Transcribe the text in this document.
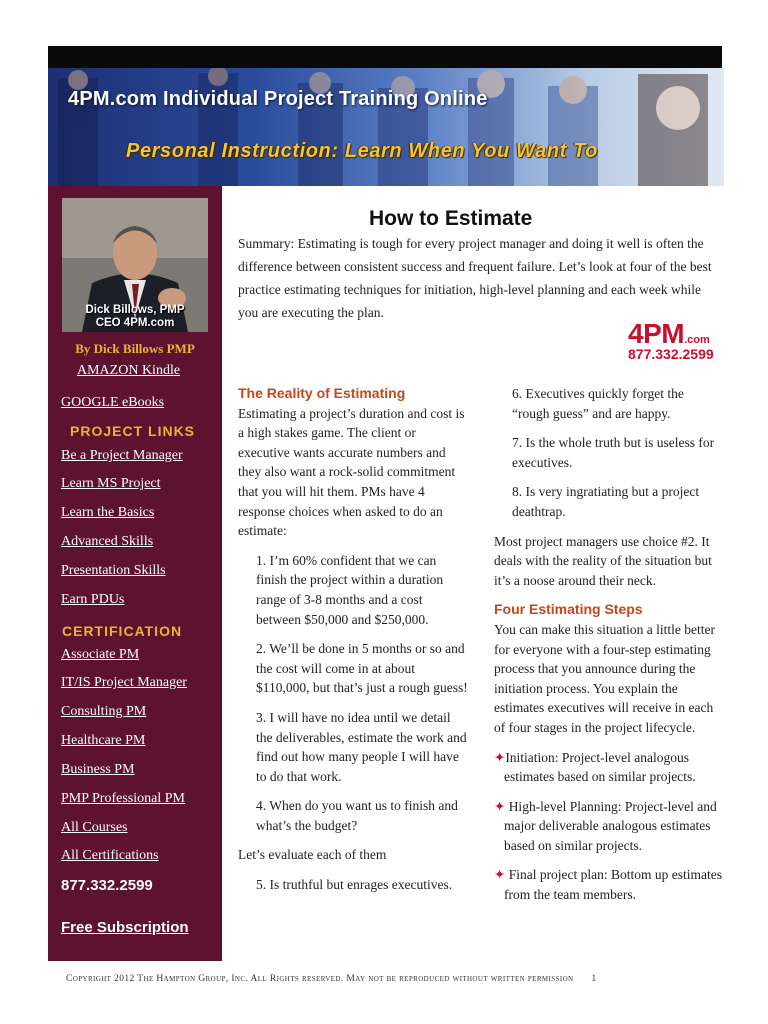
4PM.com Individual Project Training Online
Personal Instruction: Learn When You Want To
Dick Billows, PMP
CEO 4PM.com
By Dick Billows PMP
AMAZON Kindle
GOOGLE eBooks
PROJECT LINKS
Be a Project Manager
Learn MS Project
Learn the Basics
Advanced Skills
Presentation Skills
Earn PDUs
CERTIFICATION
Associate PM
IT/IS Project Manager
Consulting PM
Healthcare PM
Business PM
PMP Professional PM
All Courses
All Certifications
877.332.2599
Free Subscription
How to Estimate
Summary: Estimating is tough for every project manager and doing it well is often the difference between consistent success and frequent failure. Let’s look at four of the best practice estimating techniques for initiation, high-level planning and each week while you are executing the plan.
4PM.com
877.332.2599

The Reality of Estimating

Estimating a project’s duration and cost is a high stakes game. The client or executive wants accurate numbers and they also want a rock-solid commitment that you will hit them. PMs have 4 response choices when asked to do an estimate:

1. I’m 60% confident that we can finish the project within a duration range of 3-8 months and a cost between $50,000 and $250,000.

2. We’ll be done in 5 months or so and the cost will come in at about $110,000, but that’s just a rough guess!

3. I will have no idea until we detail the deliverables, estimate the work and find out how many people I will have to do that work.

4. When do you want us to finish and what’s the budget?

Let’s evaluate each of them

5. Is truthful but enrages executives.

6. Executives quickly forget the “rough guess” and are happy.

7. Is the whole truth but is useless for executives.

8. Is very ingratiating but a project deathtrap.

Most project managers use choice #2. It deals with the reality of the situation but it’s a noose around their neck.

Four Estimating Steps

You can make this situation a little better for everyone with a four-step estimating process that you announce during the initiation process. You explain the estimates executives will receive in each of four stages in the project lifecycle.

✦Initiation: Project-level analogous estimates based on similar projects.

✦ High-level Planning: Project-level and major deliverable analogous estimates based on similar projects.

✦ Final project plan: Bottom up estimates from the team members.

Copyright 2012 The Hampton Group, Inc. All Rights reserved. May not be reproduced without written permission 1
